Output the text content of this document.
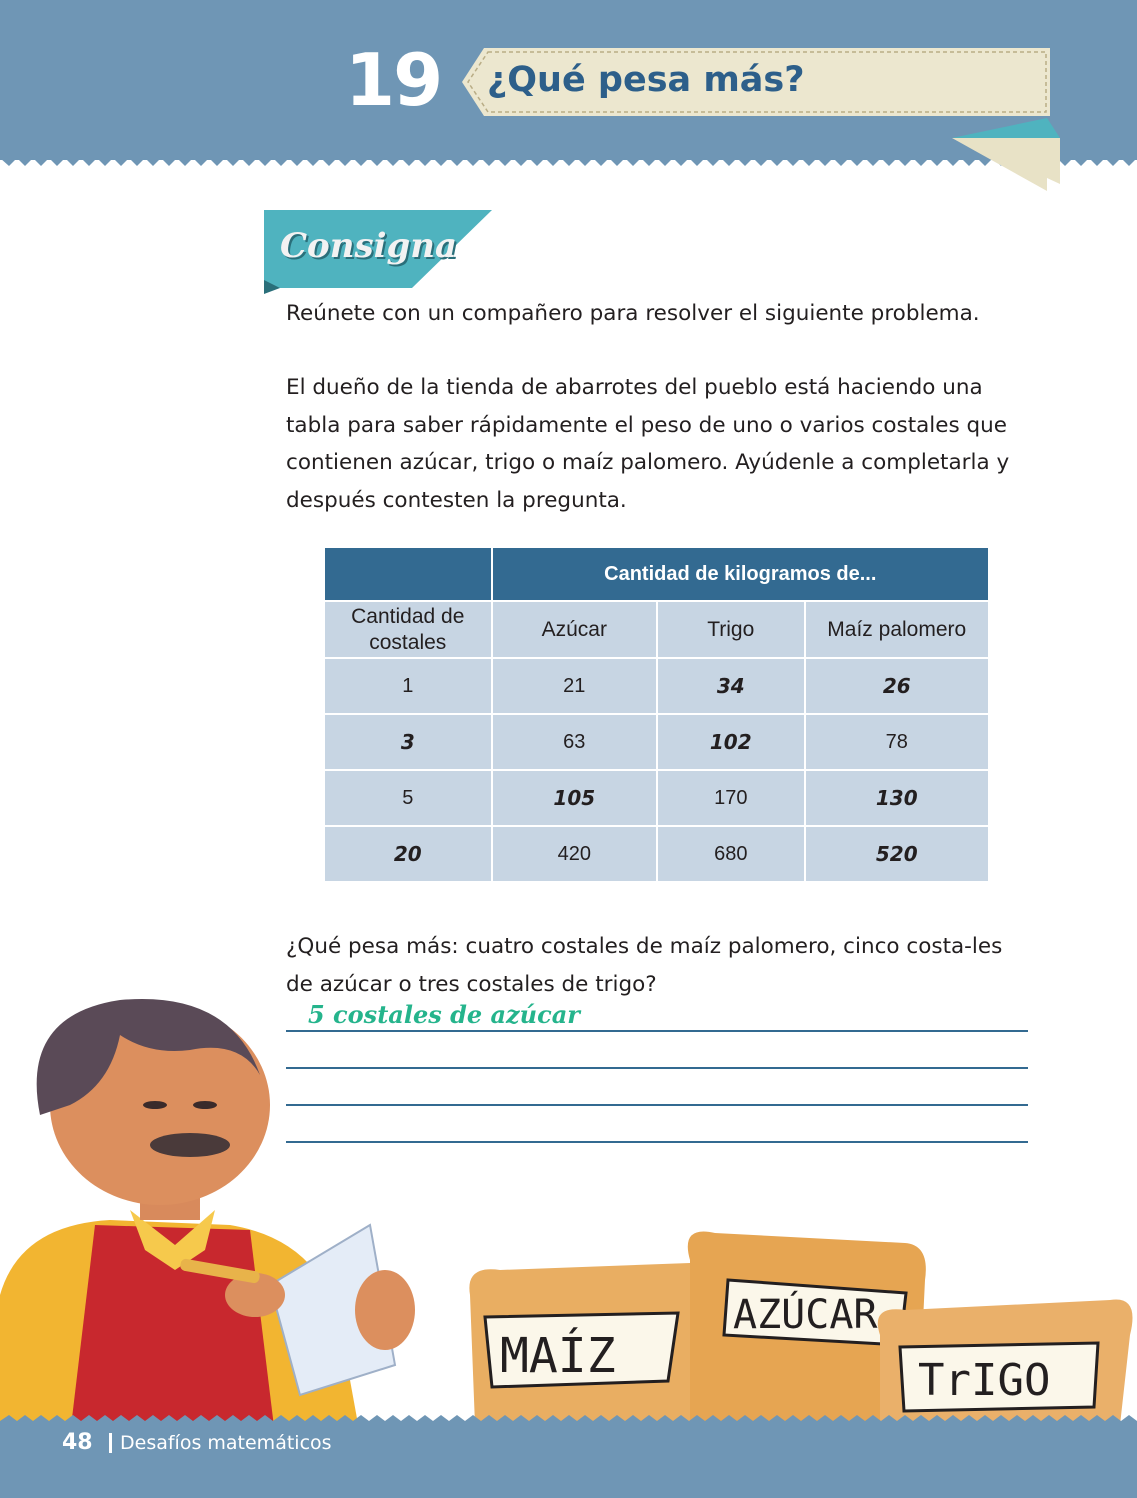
19 ¿Qué pesa más?
Consigna
Reúnete con un compañero para resolver el siguiente problema.
El dueño de la tienda de abarrotes del pueblo está haciendo una tabla para saber rápidamente el peso de uno o varios costales que contienen azúcar, trigo o maíz palomero. Ayúdenle a completarla y después contesten la pregunta.
	Cantidad de kilogramos de...		
Cantidad de costales	Azúcar	Trigo	Maíz palomero
1	21	34	26
3	63	102	78
5	105	170	130
20	420	680	520
¿Qué pesa más: cuatro costales de maíz palomero, cinco costa-les de azúcar o tres costales de trigo?
MAÍZ
AZÚCAR
TrIGO
5 costales de azúcar
48 Desafíos matemáticos
